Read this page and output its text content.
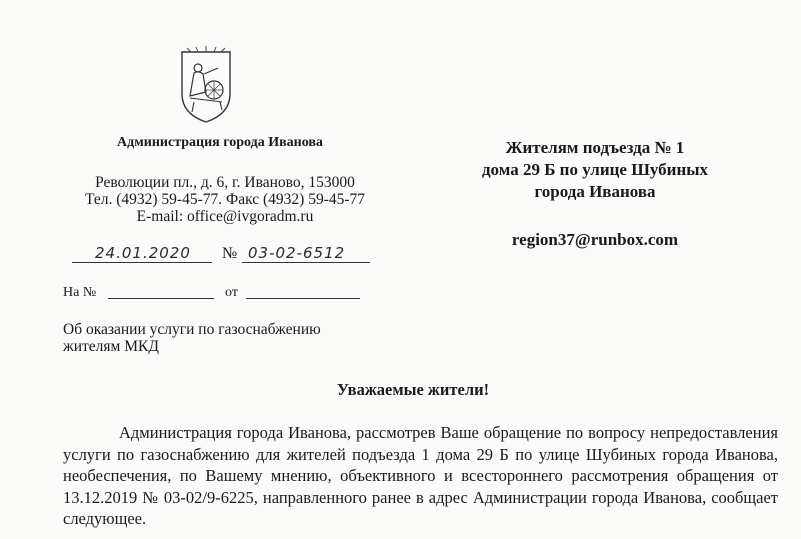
Администрация города Иванова
Революции пл., д. 6, г. Иваново, 153000
Тел. (4932) 59-45-77. Факс (4932) 59-45-77
E-mail: office@ivgoradm.ru
24.01.2020 № 03-02-6512
На №	от
Об оказании услуги по газоснабжению
жителям МКД
Жителям подъезда № 1
дома 29 Б по улице Шубиных
города Иванова
region37@runbox.com
Уважаемые жители!
Администрация города Иванова, рассмотрев Ваше обращение по вопросу непредоставления услуги по газоснабжению для жителей подъезда 1 дома 29 Б по улице Шубиных города Иванова, необеспечения, по Вашему мнению, объективного и всестороннего рассмотрения обращения от 13.12.2019 № 03-02/9-6225, направленного ранее в адрес Администрации города Иванова, сообщает следующее.
